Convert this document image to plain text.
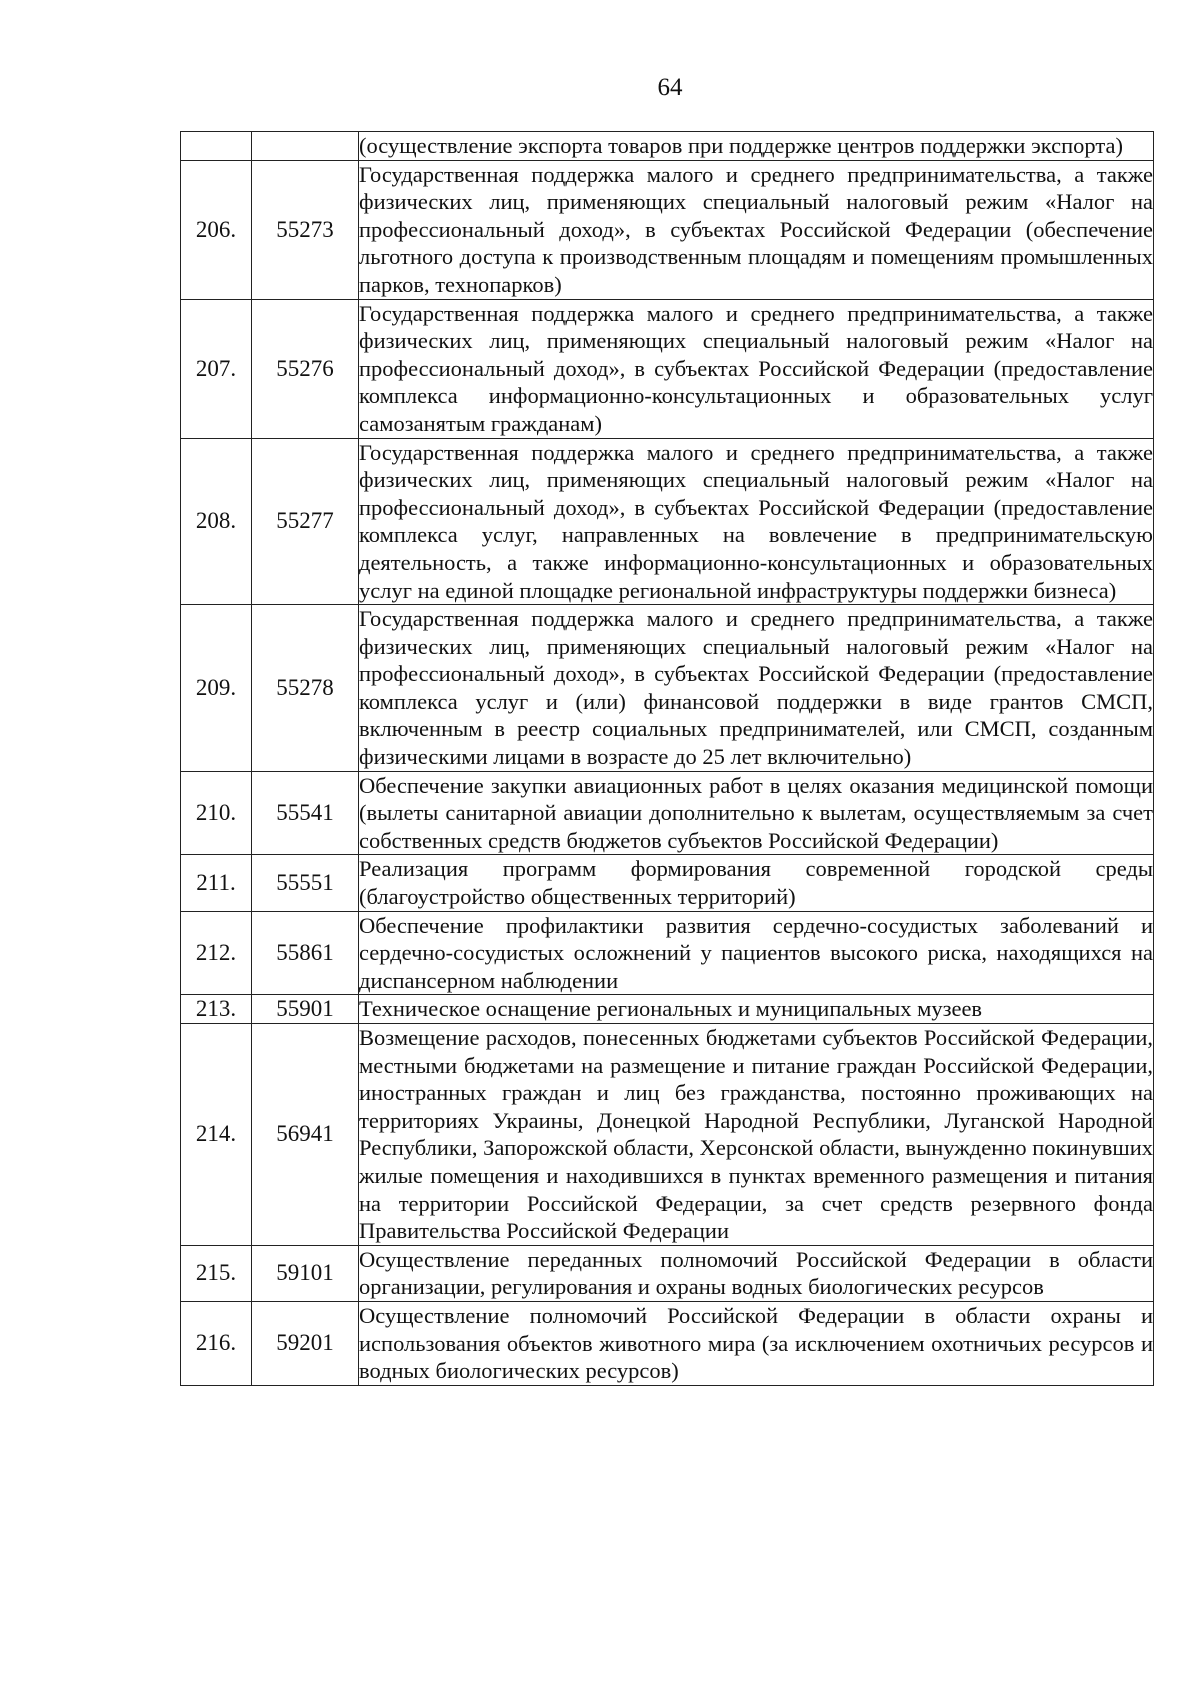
64
		(осуществление экспорта товаров при поддержке центров поддержки экспорта)
206.	55273	Государственная поддержка малого и среднего предпринимательства, а также физических лиц, применяющих специальный налоговый режим «Налог на профессиональный доход», в субъектах Российской Федерации (обеспечение льготного доступа к производственным площадям и помещениям промышленных парков, технопарков)
207.	55276	Государственная поддержка малого и среднего предпринимательства, а также физических лиц, применяющих специальный налоговый режим «Налог на профессиональный доход», в субъектах Российской Федерации (предоставление комплекса информационно-консультационных и образовательных услуг самозанятым гражданам)
208.	55277	Государственная поддержка малого и среднего предпринимательства, а также физических лиц, применяющих специальный налоговый режим «Налог на профессиональный доход», в субъектах Российской Федерации (предоставление комплекса услуг, направленных на вовлечение в предпринимательскую деятельность, а также информационно-консультационных и образовательных услуг на единой площадке региональной инфраструктуры поддержки бизнеса)
209.	55278	Государственная поддержка малого и среднего предпринимательства, а также физических лиц, применяющих специальный налоговый режим «Налог на профессиональный доход», в субъектах Российской Федерации (предоставление комплекса услуг и (или) финансовой поддержки в виде грантов СМСП, включенным в реестр социальных предпринимателей, или СМСП, созданным физическими лицами в возрасте до 25 лет включительно)
210.	55541	Обеспечение закупки авиационных работ в целях оказания медицинской помощи (вылеты санитарной авиации дополнительно к вылетам, осуществляемым за счет собственных средств бюджетов субъектов Российской Федерации)
211.	55551	Реализация программ формирования современной городской среды (благоустройство общественных территорий)
212.	55861	Обеспечение профилактики развития сердечно-сосудистых заболеваний и сердечно-сосудистых осложнений у пациентов высокого риска, находящихся на диспансерном наблюдении
213.	55901	Техническое оснащение региональных и муниципальных музеев
214.	56941	Возмещение расходов, понесенных бюджетами субъектов Российской Федерации, местными бюджетами на размещение и питание граждан Российской Федерации, иностранных граждан и лиц без гражданства, постоянно проживающих на территориях Украины, Донецкой Народной Республики, Луганской Народной Республики, Запорожской области, Херсонской области, вынужденно покинувших жилые помещения и находившихся в пунктах временного размещения и питания на территории Российской Федерации, за счет средств резервного фонда Правительства Российской Федерации
215.	59101	Осуществление переданных полномочий Российской Федерации в области организации, регулирования и охраны водных биологических ресурсов
216.	59201	Осуществление полномочий Российской Федерации в области охраны и использования объектов животного мира (за исключением охотничьих ресурсов и водных биологических ресурсов)
